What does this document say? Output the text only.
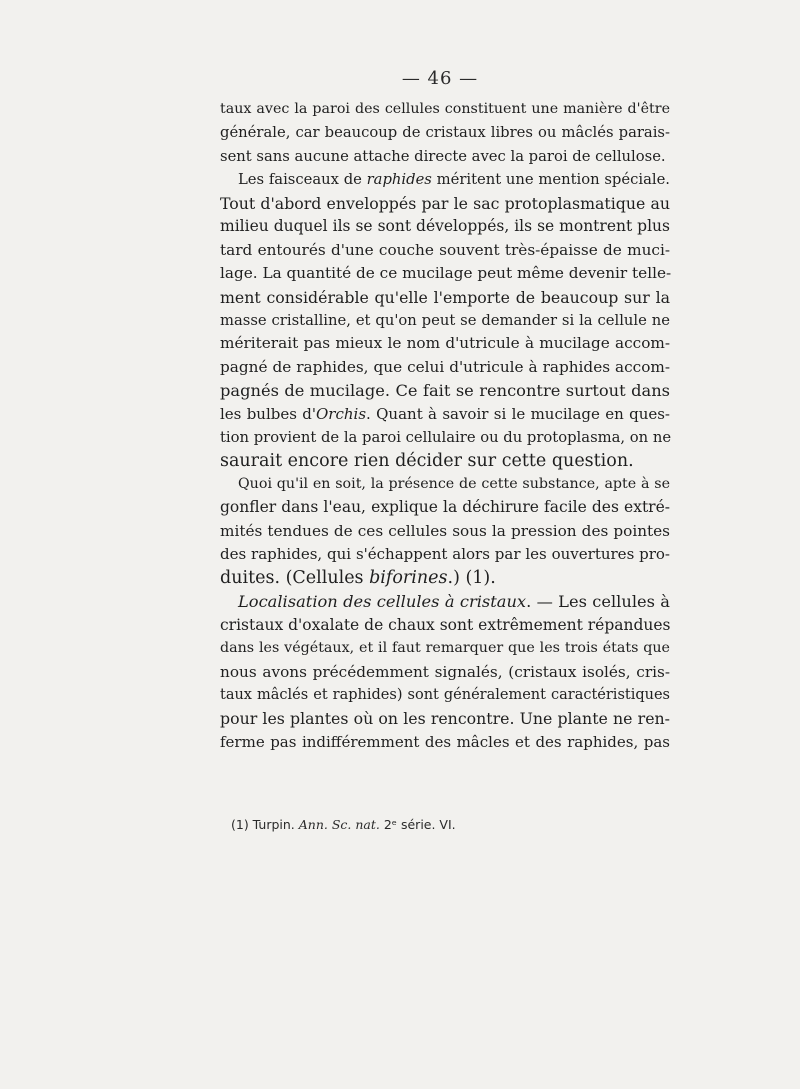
— 46 —
taux avec la paroi des cellules constituent une manière d'être
générale, car beaucoup de cristaux libres ou mâclés parais-
sent sans aucune attache directe avec la paroi de cellulose.
Les faisceaux de raphides méritent une mention spéciale.
Tout d'abord enveloppés par le sac protoplasmatique au
milieu duquel ils se sont développés, ils se montrent plus
tard entourés d'une couche souvent très-épaisse de muci-
lage. La quantité de ce mucilage peut même devenir telle-
ment considérable qu'elle l'emporte de beaucoup sur la
masse cristalline, et qu'on peut se demander si la cellule ne
mériterait pas mieux le nom d'utricule à mucilage accom-
pagné de raphides, que celui d'utricule à raphides accom-
pagnés de mucilage. Ce fait se rencontre surtout dans
les bulbes d'Orchis. Quant à savoir si le mucilage en ques-
tion provient de la paroi cellulaire ou du protoplasma, on ne
saurait encore rien décider sur cette question.
Quoi qu'il en soit, la présence de cette substance, apte à se
gonfler dans l'eau, explique la déchirure facile des extré-
mités tendues de ces cellules sous la pression des pointes
des raphides, qui s'échappent alors par les ouvertures pro-
duites. (Cellules biforines.) (1).
Localisation des cellules à cristaux. — Les cellules à
cristaux d'oxalate de chaux sont extrêmement répandues
dans les végétaux, et il faut remarquer que les trois états que
nous avons précédemment signalés, (cristaux isolés, cris-
taux mâclés et raphides) sont généralement caractéristiques
pour les plantes où on les rencontre. Une plante ne ren-
ferme pas indifféremment des mâcles et des raphides, pas
(1) Turpin. Ann. Sc. nat. 2ᵉ série. VI.
